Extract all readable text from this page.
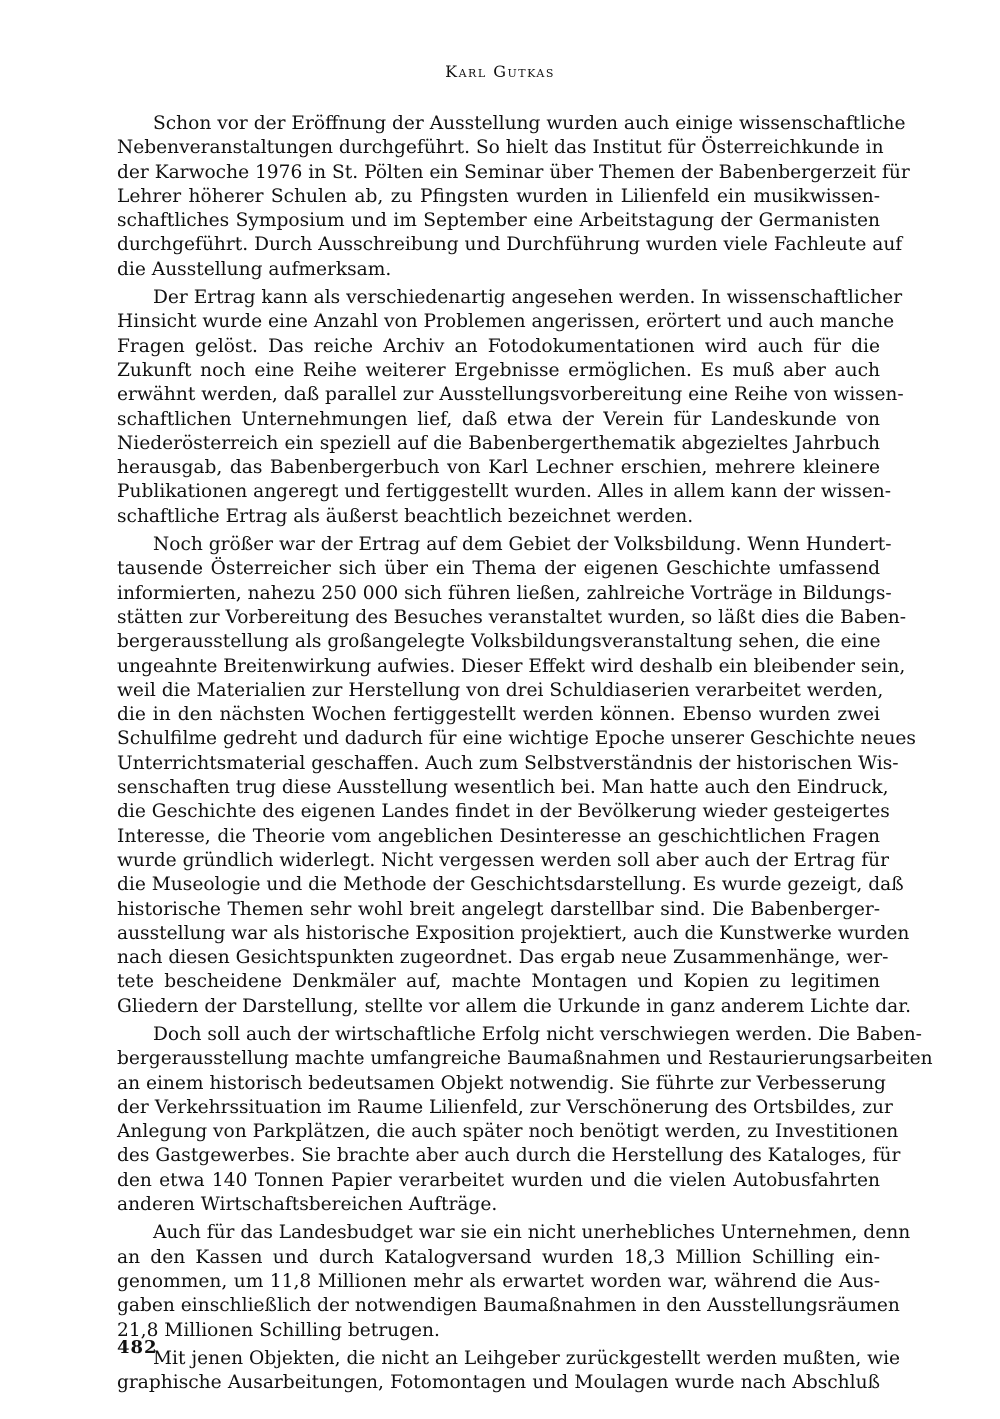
Karl Gutkas
Schon vor der Eröffnung der Ausstellung wurden auch einige wissenschaftliche
Nebenveranstaltungen durchgeführt. So hielt das Institut für Österreichkunde in
der Karwoche 1976 in St. Pölten ein Seminar über Themen der Babenbergerzeit für
Lehrer höherer Schulen ab, zu Pfingsten wurden in Lilienfeld ein musikwissen-
schaftliches Symposium und im September eine Arbeitstagung der Germanisten
durchgeführt. Durch Ausschreibung und Durchführung wurden viele Fachleute auf
die Ausstellung aufmerksam.
Der Ertrag kann als verschiedenartig angesehen werden. In wissenschaftlicher
Hinsicht wurde eine Anzahl von Problemen angerissen, erörtert und auch manche
Fragen gelöst. Das reiche Archiv an Fotodokumentationen wird auch für die
Zukunft noch eine Reihe weiterer Ergebnisse ermöglichen. Es muß aber auch
erwähnt werden, daß parallel zur Ausstellungsvorbereitung eine Reihe von wissen-
schaftlichen Unternehmungen lief, daß etwa der Verein für Landeskunde von
Niederösterreich ein speziell auf die Babenbergerthematik abgezieltes Jahrbuch
herausgab, das Babenbergerbuch von Karl Lechner erschien, mehrere kleinere
Publikationen angeregt und fertiggestellt wurden. Alles in allem kann der wissen-
schaftliche Ertrag als äußerst beachtlich bezeichnet werden.
Noch größer war der Ertrag auf dem Gebiet der Volksbildung. Wenn Hundert-
tausende Österreicher sich über ein Thema der eigenen Geschichte umfassend
informierten, nahezu 250 000 sich führen ließen, zahlreiche Vorträge in Bildungs-
stätten zur Vorbereitung des Besuches veranstaltet wurden, so läßt dies die Baben-
bergerausstellung als großangelegte Volksbildungsveranstaltung sehen, die eine
ungeahnte Breitenwirkung aufwies. Dieser Effekt wird deshalb ein bleibender sein,
weil die Materialien zur Herstellung von drei Schuldiaserien verarbeitet werden,
die in den nächsten Wochen fertiggestellt werden können. Ebenso wurden zwei
Schulfilme gedreht und dadurch für eine wichtige Epoche unserer Geschichte neues
Unterrichtsmaterial geschaffen. Auch zum Selbstverständnis der historischen Wis-
senschaften trug diese Ausstellung wesentlich bei. Man hatte auch den Eindruck,
die Geschichte des eigenen Landes findet in der Bevölkerung wieder gesteigertes
Interesse, die Theorie vom angeblichen Desinteresse an geschichtlichen Fragen
wurde gründlich widerlegt. Nicht vergessen werden soll aber auch der Ertrag für
die Museologie und die Methode der Geschichtsdarstellung. Es wurde gezeigt, daß
historische Themen sehr wohl breit angelegt darstellbar sind. Die Babenberger-
ausstellung war als historische Exposition projektiert, auch die Kunstwerke wurden
nach diesen Gesichtspunkten zugeordnet. Das ergab neue Zusammenhänge, wer-
tete bescheidene Denkmäler auf, machte Montagen und Kopien zu legitimen
Gliedern der Darstellung, stellte vor allem die Urkunde in ganz anderem Lichte dar.
Doch soll auch der wirtschaftliche Erfolg nicht verschwiegen werden. Die Baben-
bergerausstellung machte umfangreiche Baumaßnahmen und Restaurierungsarbeiten
an einem historisch bedeutsamen Objekt notwendig. Sie führte zur Verbesserung
der Verkehrssituation im Raume Lilienfeld, zur Verschönerung des Ortsbildes, zur
Anlegung von Parkplätzen, die auch später noch benötigt werden, zu Investitionen
des Gastgewerbes. Sie brachte aber auch durch die Herstellung des Kataloges, für
den etwa 140 Tonnen Papier verarbeitet wurden und die vielen Autobusfahrten
anderen Wirtschaftsbereichen Aufträge.
Auch für das Landesbudget war sie ein nicht unerhebliches Unternehmen, denn
an den Kassen und durch Katalogversand wurden 18,3 Million Schilling ein-
genommen, um 11,8 Millionen mehr als erwartet worden war, während die Aus-
gaben einschließlich der notwendigen Baumaßnahmen in den Ausstellungsräumen
21,8 Millionen Schilling betrugen.
Mit jenen Objekten, die nicht an Leihgeber zurückgestellt werden mußten, wie
graphische Ausarbeitungen, Fotomontagen und Moulagen wurde nach Abschluß
482
